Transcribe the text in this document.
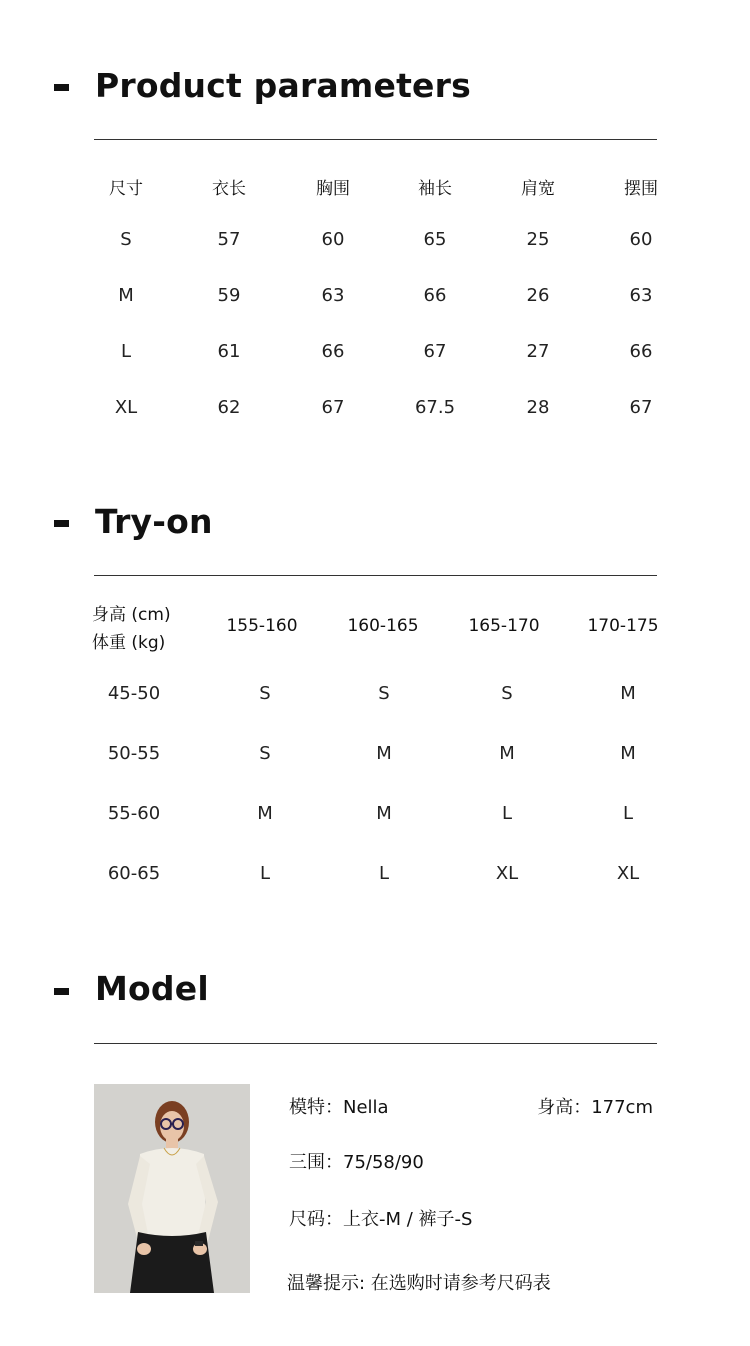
Product parameters
尺寸	衣长	胸围	袖长	肩宽	摆围
S	57	60	65	25	60
M	59	63	66	26	63
L	61	66	67	27	66
XL	62	67	67.5	28	67
Try-on
身高 (cm)
体重 (kg)
155-160	160-165	165-170	170-175
45-50	S	S	S	M
50-55	S	M	M	M
55-60	M	M	L	L
60-65	L	L	XL	XL
Model
模特：Nella	身高：177cm
三围：75/58/90
尺码：上衣-M / 裤子-S
温馨提示: 在选购时请参考尺码表
